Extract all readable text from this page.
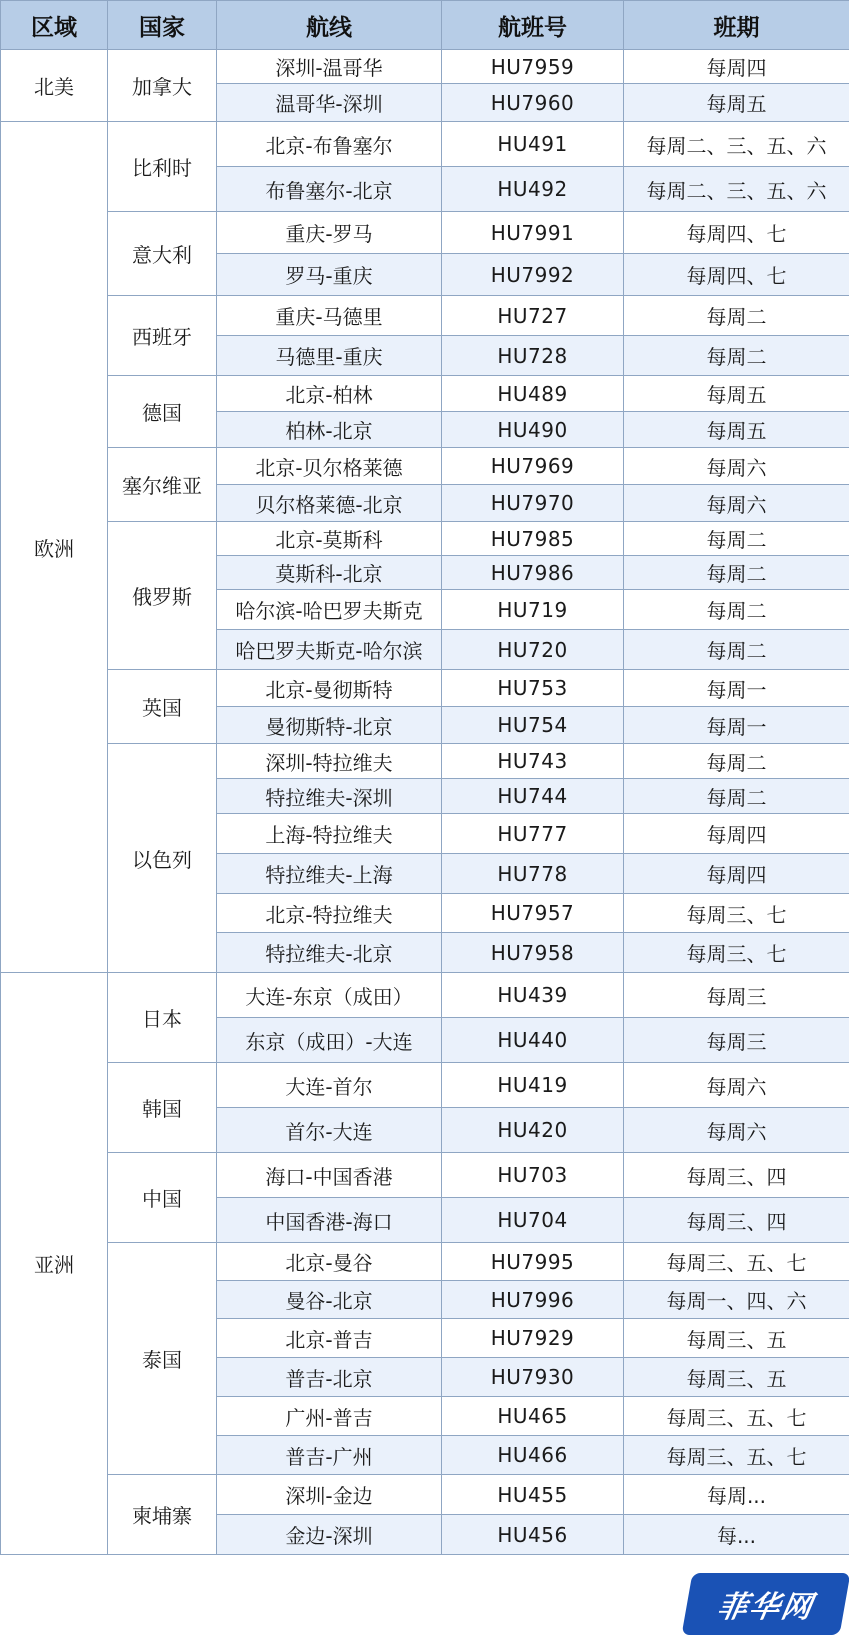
区域	国家	航线	航班号	班期
北美	加拿大	深圳-温哥华	HU7959	每周四
		温哥华-深圳	HU7960	每周五
欧洲	比利时	北京-布鲁塞尔	HU491	每周二、三、五、六
		布鲁塞尔-北京	HU492	每周二、三、五、六
	意大利	重庆-罗马	HU7991	每周四、七
		罗马-重庆	HU7992	每周四、七
	西班牙	重庆-马德里	HU727	每周二
		马德里-重庆	HU728	每周二
	德国	北京-柏林	HU489	每周五
		柏林-北京	HU490	每周五
	塞尔维亚	北京-贝尔格莱德	HU7969	每周六
		贝尔格莱德-北京	HU7970	每周六
	俄罗斯	北京-莫斯科	HU7985	每周二
		莫斯科-北京	HU7986	每周二
		哈尔滨-哈巴罗夫斯克	HU719	每周二
		哈巴罗夫斯克-哈尔滨	HU720	每周二
	英国	北京-曼彻斯特	HU753	每周一
		曼彻斯特-北京	HU754	每周一
	以色列	深圳-特拉维夫	HU743	每周二
		特拉维夫-深圳	HU744	每周二
		上海-特拉维夫	HU777	每周四
		特拉维夫-上海	HU778	每周四
		北京-特拉维夫	HU7957	每周三、七
		特拉维夫-北京	HU7958	每周三、七
亚洲	日本	大连-东京（成田）	HU439	每周三
		东京（成田）-大连	HU440	每周三
	韩国	大连-首尔	HU419	每周六
		首尔-大连	HU420	每周六
	中国	海口-中国香港	HU703	每周三、四
		中国香港-海口	HU704	每周三、四
	泰国	北京-曼谷	HU7995	每周三、五、七
		曼谷-北京	HU7996	每周一、四、六
		北京-普吉	HU7929	每周三、五
		普吉-北京	HU7930	每周三、五
		广州-普吉	HU465	每周三、五、七
		普吉-广州	HU466	每周三、五、七
	柬埔寨	深圳-金边	HU455	每周...
		金边-深圳	HU456	每...
菲华网
